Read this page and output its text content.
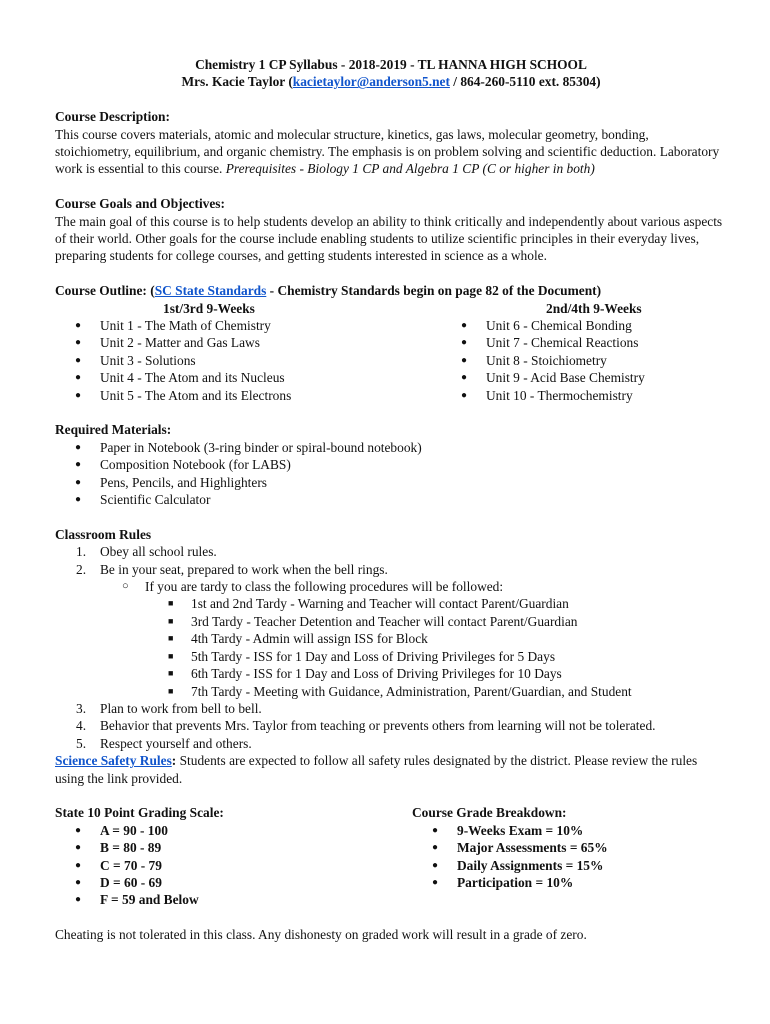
Chemistry 1 CP Syllabus - 2018-2019 - TL HANNA HIGH SCHOOL

Mrs. Kacie Taylor (kacietaylor@anderson5.net / 864-260-5110 ext. 85304)

Course Description:

This course covers materials, atomic and molecular structure, kinetics, gas laws, molecular geometry, bonding, stoichiometry, equilibrium, and organic chemistry. The emphasis is on problem solving and scientific deduction. Laboratory work is essential to this course. Prerequisites - Biology 1 CP and Algebra 1 CP (C or higher in both)

Course Goals and Objectives:

The main goal of this course is to help students develop an ability to think critically and independently about various aspects of their world. Other goals for the course include enabling students to utilize scientific principles in their everyday lives, preparing students for college courses, and getting students interested in science as a whole.

Course Outline: (SC State Standards - Chemistry Standards begin on page 82 of the Document)

1st/3rd 9-Weeks

● Unit 1 - The Math of Chemistry
● Unit 2 - Matter and Gas Laws
● Unit 3 - Solutions
● Unit 4 - The Atom and its Nucleus
● Unit 5 - The Atom and its Electrons

2nd/4th 9-Weeks

● Unit 6 - Chemical Bonding
● Unit 7 - Chemical Reactions
● Unit 8 - Stoichiometry
● Unit 9 - Acid Base Chemistry
● Unit 10 - Thermochemistry

Required Materials:

● Paper in Notebook (3-ring binder or spiral-bound notebook)
● Composition Notebook (for LABS)
● Pens, Pencils, and Highlighters
● Scientific Calculator

Classroom Rules

1. Obey all school rules.
2. Be in your seat, prepared to work when the bell rings.
○ If you are tardy to class the following procedures will be followed:
■ 1st and 2nd Tardy - Warning and Teacher will contact Parent/Guardian
■ 3rd Tardy - Teacher Detention and Teacher will contact Parent/Guardian
■ 4th Tardy - Admin will assign ISS for Block
■ 5th Tardy - ISS for 1 Day and Loss of Driving Privileges for 5 Days
■ 6th Tardy - ISS for 1 Day and Loss of Driving Privileges for 10 Days
■ 7th Tardy - Meeting with Guidance, Administration, Parent/Guardian, and Student
3. Plan to work from bell to bell.
4. Behavior that prevents Mrs. Taylor from teaching or prevents others from learning will not be tolerated.
5. Respect yourself and others.

Science Safety Rules: Students are expected to follow all safety rules designated by the district. Please review the rules using the link provided.

State 10 Point Grading Scale:

● A = 90 - 100
● B = 80 - 89
● C = 70 - 79
● D = 60 - 69
● F = 59 and Below

Course Grade Breakdown:

● 9-Weeks Exam = 10%
● Major Assessments = 65%
● Daily Assignments = 15%
● Participation = 10%

Cheating is not tolerated in this class. Any dishonesty on graded work will result in a grade of zero.
